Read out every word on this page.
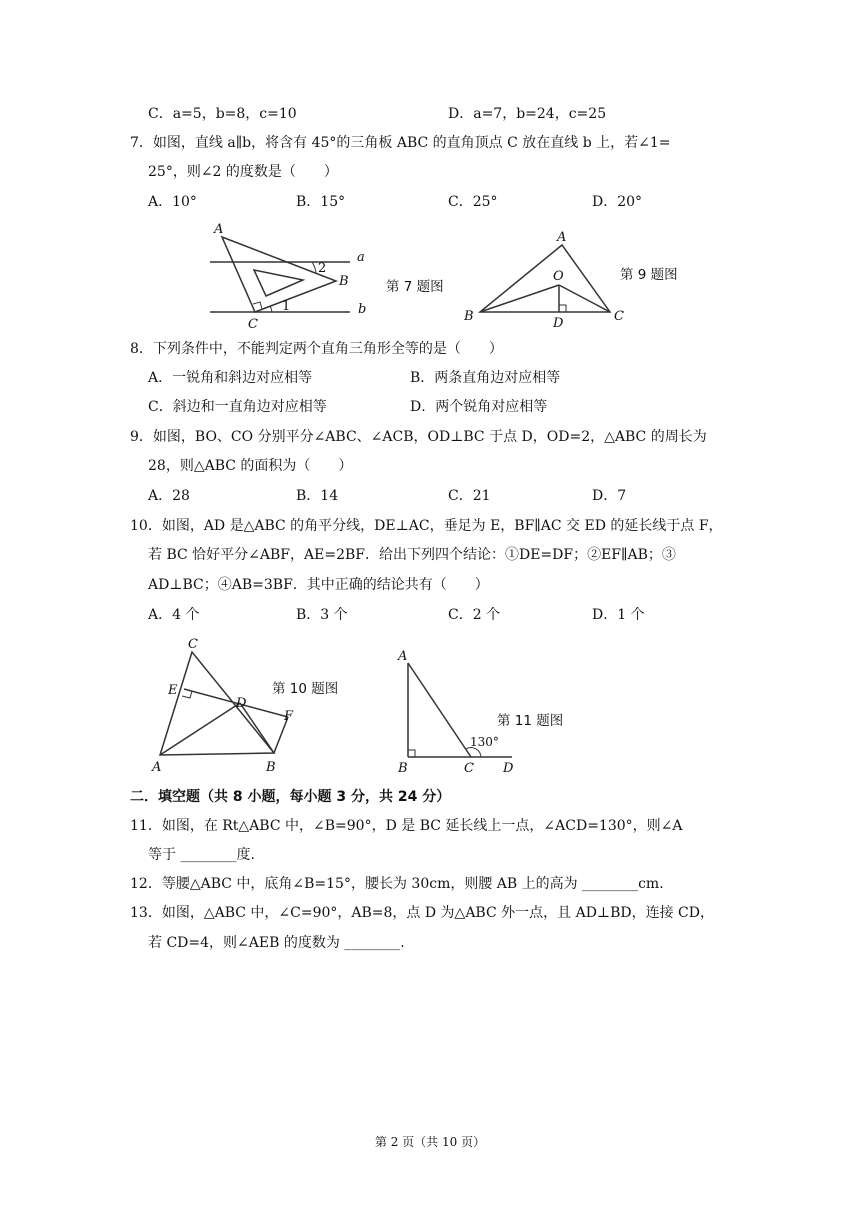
C．a=5，b=8，c=10	D．a=7，b=24，c=25
7．如图，直线 a∥b，将含有 45°的三角板 ABC 的直角顶点 C 放在直线 b 上，若∠1=
25°，则∠2 的度数是（　　）
A．10°	B．15°	C．25°	D．20°
A
B
C
a
b
1
2
第 7 题图
A
O
B	C
D
第 9 题图
8．下列条件中，不能判定两个直角三角形全等的是（　　）
A．一锐角和斜边对应相等	B．两条直角边对应相等
C．斜边和一直角边对应相等	D．两个锐角对应相等
9．如图，BO、CO 分别平分∠ABC、∠ACB，OD⊥BC 于点 D，OD=2，△ABC 的周长为
28，则△ABC 的面积为（　　）
A．28	B．14	C．21	D．7
10．如图，AD 是△ABC 的角平分线，DE⊥AC，垂足为 E，BF∥AC 交 ED 的延长线于点 F，
若 BC 恰好平分∠ABF，AE=2BF．给出下列四个结论：①DE=DF；②EF∥AB；③
AD⊥BC；④AB=3BF．其中正确的结论共有（　　）
A．4 个	B．3 个	C．2 个	D．1 个
C
E
D
F
A	B
第 10 题图
A
B	C D
130°
第 11 题图
二．填空题（共 8 小题，每小题 3 分，共 24 分）
11．如图，在 Rt△ABC 中，∠B=90°，D 是 BC 延长线上一点，∠ACD=130°，则∠A
等于 ________度.
12．等腰△ABC 中，底角∠B=15°，腰长为 30cm，则腰 AB 上的高为 ________cm.
13．如图，△ABC 中，∠C=90°，AB=8，点 D 为△ABC 外一点，且 AD⊥BD，连接 CD，
若 CD=4，则∠AEB 的度数为 ________.
第 2 页（共 10 页）
